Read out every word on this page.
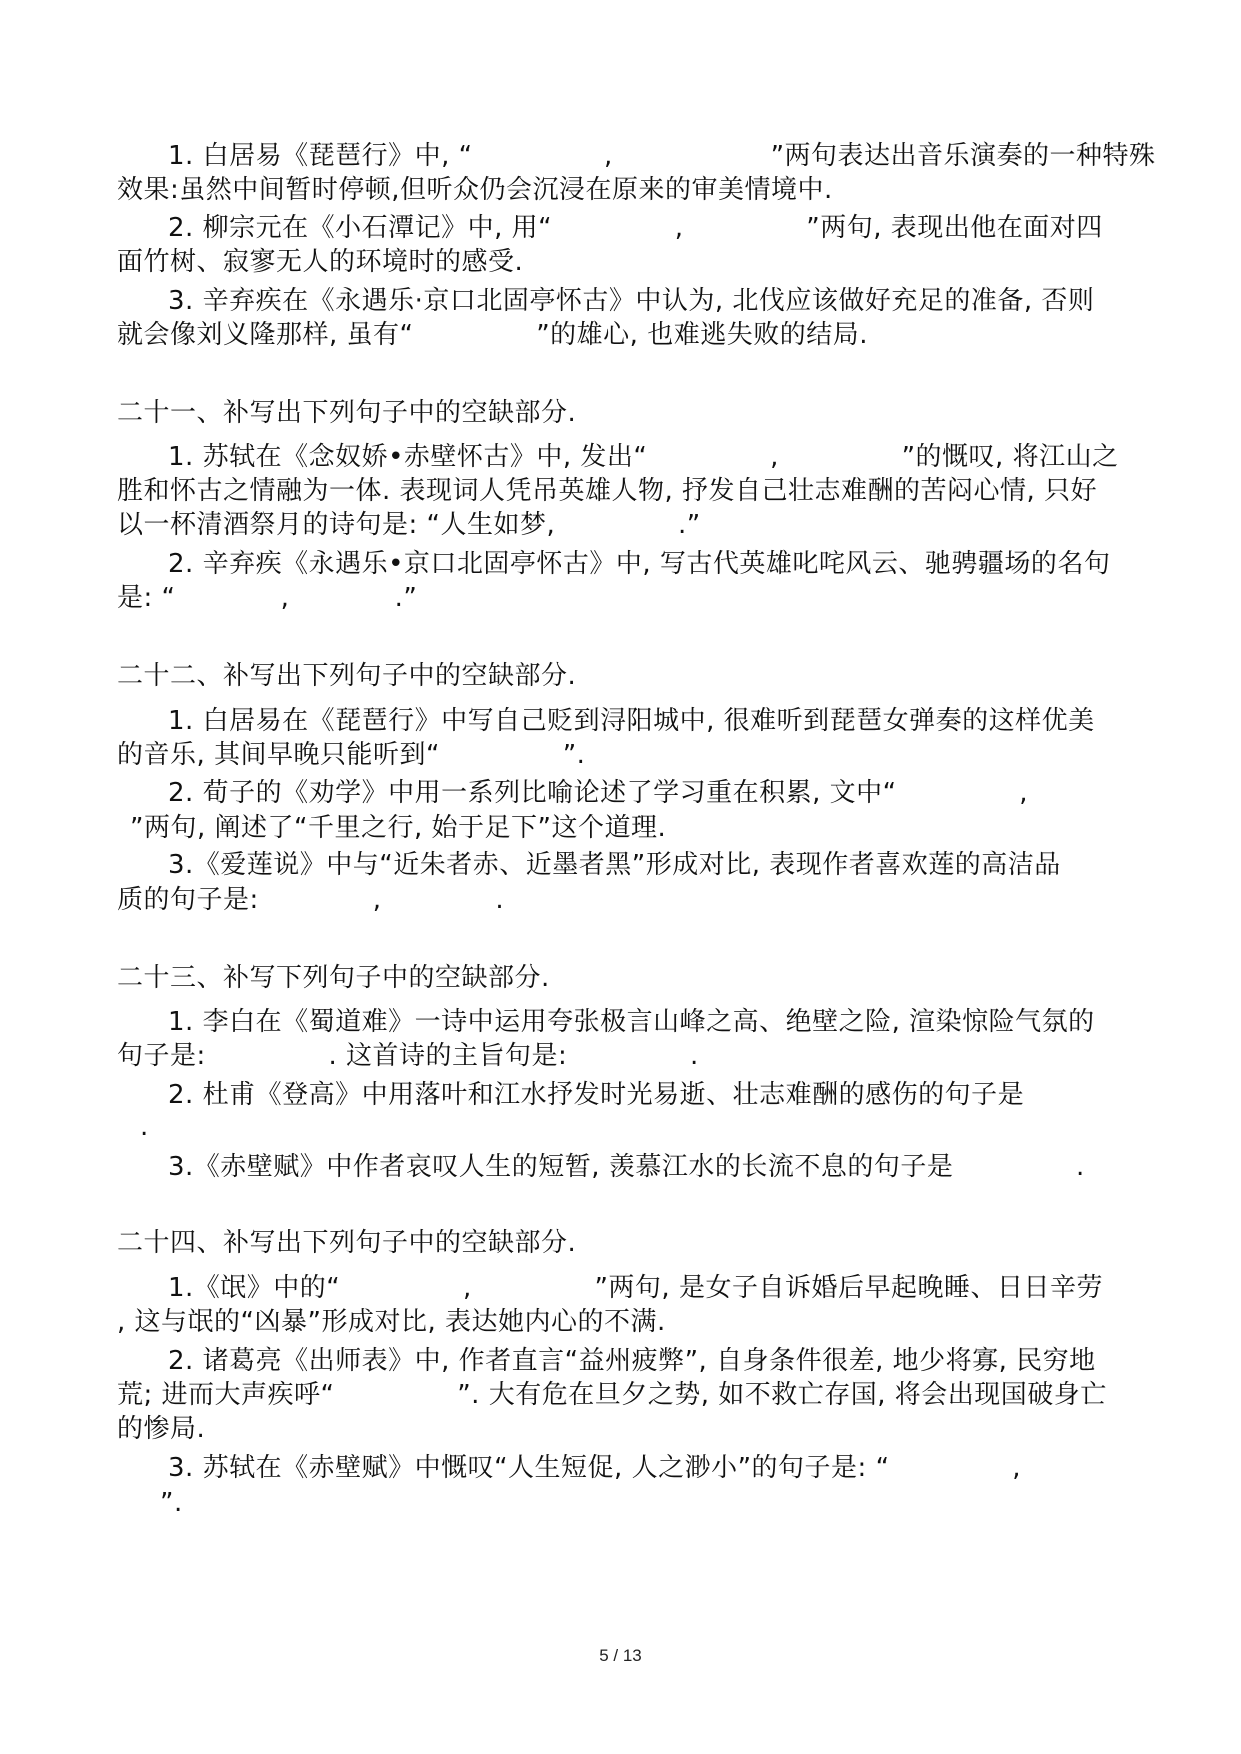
1. 白居易《琵琶行》中, “               ,                  ”两句表达出音乐演奏的一种特殊
效果:虽然中间暂时停顿,但听众仍会沉浸在原来的审美情境中.
2. 柳宗元在《小石潭记》中, 用“              ,              ”两句, 表现出他在面对四
面竹树、寂寥无人的环境时的感受.
3. 辛弃疾在《永遇乐·京口北固亭怀古》中认为, 北伐应该做好充足的准备, 否则
就会像刘义隆那样, 虽有“              ”的雄心, 也难逃失败的结局.
二十一、补写出下列句子中的空缺部分.
1. 苏轼在《念奴娇•赤壁怀古》中, 发出“              ,              ”的慨叹, 将江山之
胜和怀古之情融为一体. 表现词人凭吊英雄人物, 抒发自己壮志难酬的苦闷心情, 只好
以一杯清酒祭月的诗句是: “人生如梦,              .”
2. 辛弃疾《永遇乐•京口北固亭怀古》中, 写古代英雄叱咤风云、驰骋疆场的名句
是: “            ,            .”
二十二、补写出下列句子中的空缺部分.
1. 白居易在《琵琶行》中写自己贬到浔阳城中, 很难听到琵琶女弹奏的这样优美
的音乐, 其间早晚只能听到“              ”.
2. 荀子的《劝学》中用一系列比喻论述了学习重在积累, 文中“              ,
”两句, 阐述了“千里之行, 始于足下”这个道理.
3.《爱莲说》中与“近朱者赤、近墨者黑”形成对比, 表现作者喜欢莲的高洁品
质的句子是:             ,             .
二十三、补写下列句子中的空缺部分.
1. 李白在《蜀道难》一诗中运用夸张极言山峰之高、绝壁之险, 渲染惊险气氛的
句子是:              . 这首诗的主旨句是:              .
2. 杜甫《登高》中用落叶和江水抒发时光易逝、壮志难酬的感伤的句子是
.
3.《赤壁赋》中作者哀叹人生的短暂, 羡慕江水的长流不息的句子是              .
二十四、补写出下列句子中的空缺部分.
1.《氓》中的“              ,              ”两句, 是女子自诉婚后早起晚睡、日日辛劳
, 这与氓的“凶暴”形成对比, 表达她内心的不满.
2. 诸葛亮《出师表》中, 作者直言“益州疲弊”, 自身条件很差, 地少将寡, 民穷地
荒; 进而大声疾呼“              ”. 大有危在旦夕之势, 如不救亡存国, 将会出现国破身亡
的惨局.
3. 苏轼在《赤壁赋》中慨叹“人生短促, 人之渺小”的句子是: “              ,
”.
5 / 13
